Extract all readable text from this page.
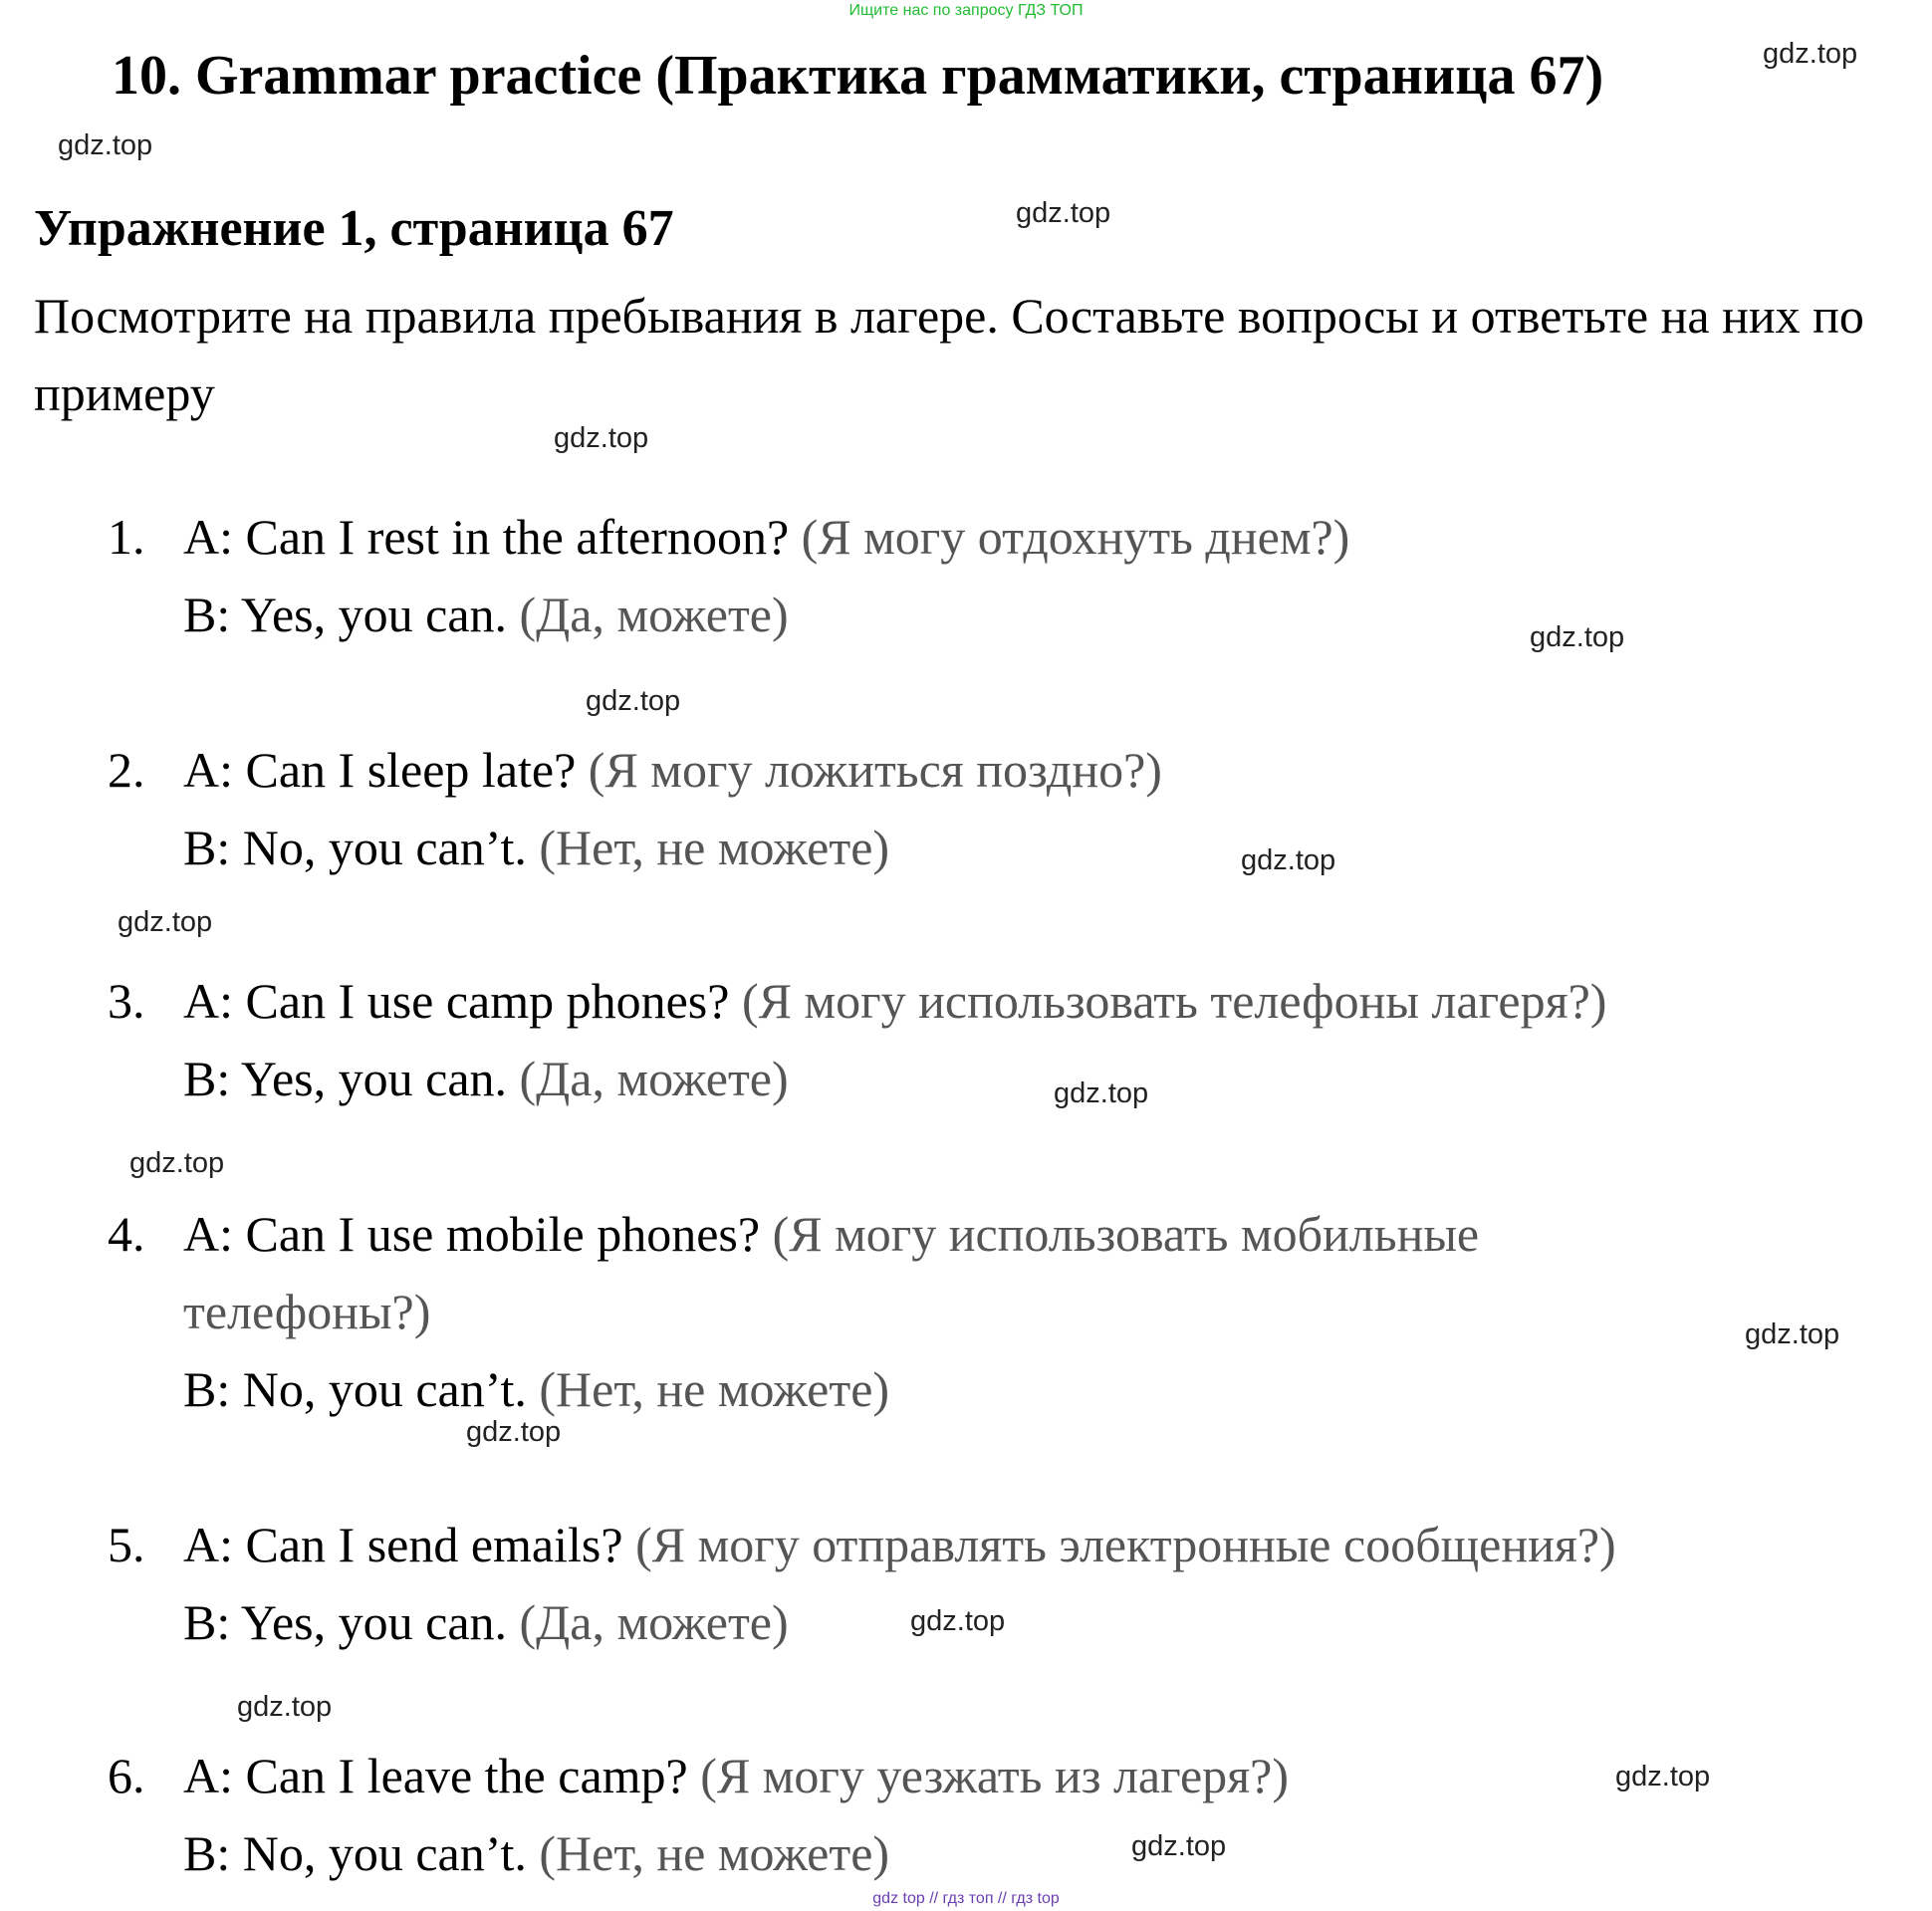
Ищите нас по запросу ГДЗ ТОП
10. Grammar practice (Практика грамматики, страница 67)
Упражнение 1, страница 67
Посмотрите на правила пребывания в лагере. Составьте вопросы и ответьте на них по примеру
gdz.top
gdz.top
gdz.top
gdz.top
gdz.top
gdz.top
gdz.top
gdz.top
gdz.top
gdz.top
gdz.top
gdz.top
gdz.top
gdz.top
gdz.top
gdz.top
1. A: Can I rest in the afternoon? (Я могу отдохнуть днем?)
B: Yes, you can. (Да, можете)
2. A: Can I sleep late? (Я могу ложиться поздно?)
B: No, you can’t. (Нет, не можете)
3. A: Can I use camp phones? (Я могу использовать телефоны лагеря?)
B: Yes, you can. (Да, можете)
4. A: Can I use mobile phones? (Я могу использовать мобильные
телефоны?)
B: No, you can’t. (Нет, не можете)
5. A: Can I send emails? (Я могу отправлять электронные сообщения?)
B: Yes, you can. (Да, можете)
6. A: Can I leave the camp? (Я могу уезжать из лагеря?)
B: No, you can’t. (Нет, не можете)
gdz top // гдз топ // гдз top
